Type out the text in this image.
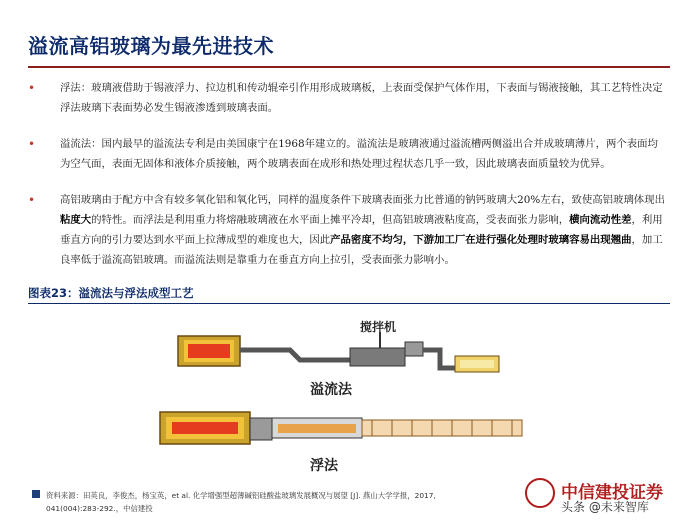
溢流高铝玻璃为最先进技术
• 浮法：玻璃液借助于锡液浮力、拉边机和传动辊牵引作用形成玻璃板，上表面受保护气体作用，下表面与锡液接触，其工艺特性决定浮法玻璃下表面势必发生锡液渗透到玻璃表面。
• 溢流法：国内最早的溢流法专利是由美国康宁在1968年建立的。溢流法是玻璃液通过溢流槽两侧溢出合并成玻璃薄片，两个表面均为空气面，表面无固体和液体介质接触，两个玻璃表面在成形和热处理过程状态几乎一致，因此玻璃表面质量较为优异。
• 高铝玻璃由于配方中含有较多氧化铝和氧化钙，同样的温度条件下玻璃表面张力比普通的钠钙玻璃大20%左右，致使高铝玻璃体现出粘度大的特性。而浮法是利用重力将熔融玻璃液在水平面上摊平冷却，但高铝玻璃液粘度高，受表面张力影响，横向流动性差，利用垂直方向的引力要达到水平面上拉薄成型的难度也大，因此产品密度不均匀，下游加工厂在进行强化处理时玻璃容易出现翘曲，加工良率低于溢流高铝玻璃。而溢流法则是靠重力在垂直方向上拉引，受表面张力影响小。
图表23：溢流法与浮法成型工艺
搅拌机
溢流法
浮法
资料来源：田英良，李俊杰，杨宝英，et al. 化学增强型超薄碱铝硅酸盐玻璃发展概况与展望 [J]. 燕山大学学报，2017, 041(004):283-292.，中信建投
中信建投证券
头条 @未来智库
